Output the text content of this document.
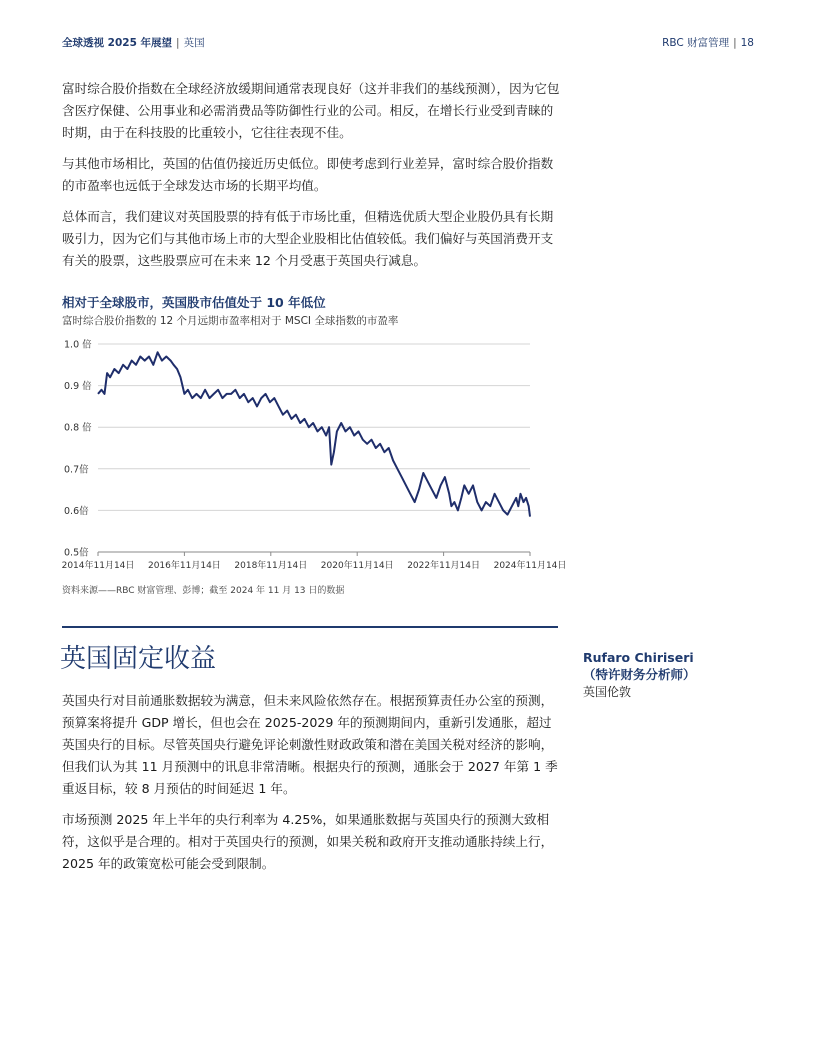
全球透视 2025 年展望 | 英国	RBC 财富管理 | 18

富时综合股价指数在全球经济放缓期间通常表现良好（这并非我们的基线预测），因为它包含医疗保健、公用事业和必需消费品等防御性行业的公司。相反，在增长行业受到青睐的时期，由于在科技股的比重较小，它往往表现不佳。

与其他市场相比，英国的估值仍接近历史低位。即使考虑到行业差异，富时综合股价指数的市盈率也远低于全球发达市场的长期平均值。

总体而言，我们建议对英国股票的持有低于市场比重，但精选优质大型企业股仍具有长期吸引力，因为它们与其他市场上市的大型企业股相比估值较低。我们偏好与英国消费开支有关的股票，这些股票应可在未来 12 个月受惠于英国央行减息。

相对于全球股市，英国股市估值处于 10 年低位

富时综合股价指数的 12 个月远期市盈率相对于 MSCI 全球指数的市盈率

1.0 倍
0.9 倍
0.8 倍
0.7倍
0.6倍
0.5倍
2014年11月14日 2016年11月14日 2018年11月14日 2020年11月14日 2022年11月14日 2024年11月14日
资料来源——RBC 财富管理、彭博；截至 2024 年 11 月 13 日的数据
英国固定收益	Rufaro Chiriseri
（特许财务分析师）
英国伦敦

英国央行对目前通胀数据较为满意，但未来风险依然存在。根据预算责任办公室的预测，预算案将提升 GDP 增长，但也会在 2025-2029 年的预测期间内，重新引发通胀，超过英国央行的目标。尽管英国央行避免评论刺激性财政政策和潜在美国关税对经济的影响，但我们认为其 11 月预测中的讯息非常清晰。根据央行的预测，通胀会于 2027 年第 1 季重返目标，较 8 月预估的时间延迟 1 年。

市场预测 2025 年上半年的央行利率为 4.25%，如果通胀数据与英国央行的预测大致相符，这似乎是合理的。相对于英国央行的预测，如果关税和政府开支推动通胀持续上行，2025 年的政策宽松可能会受到限制。
